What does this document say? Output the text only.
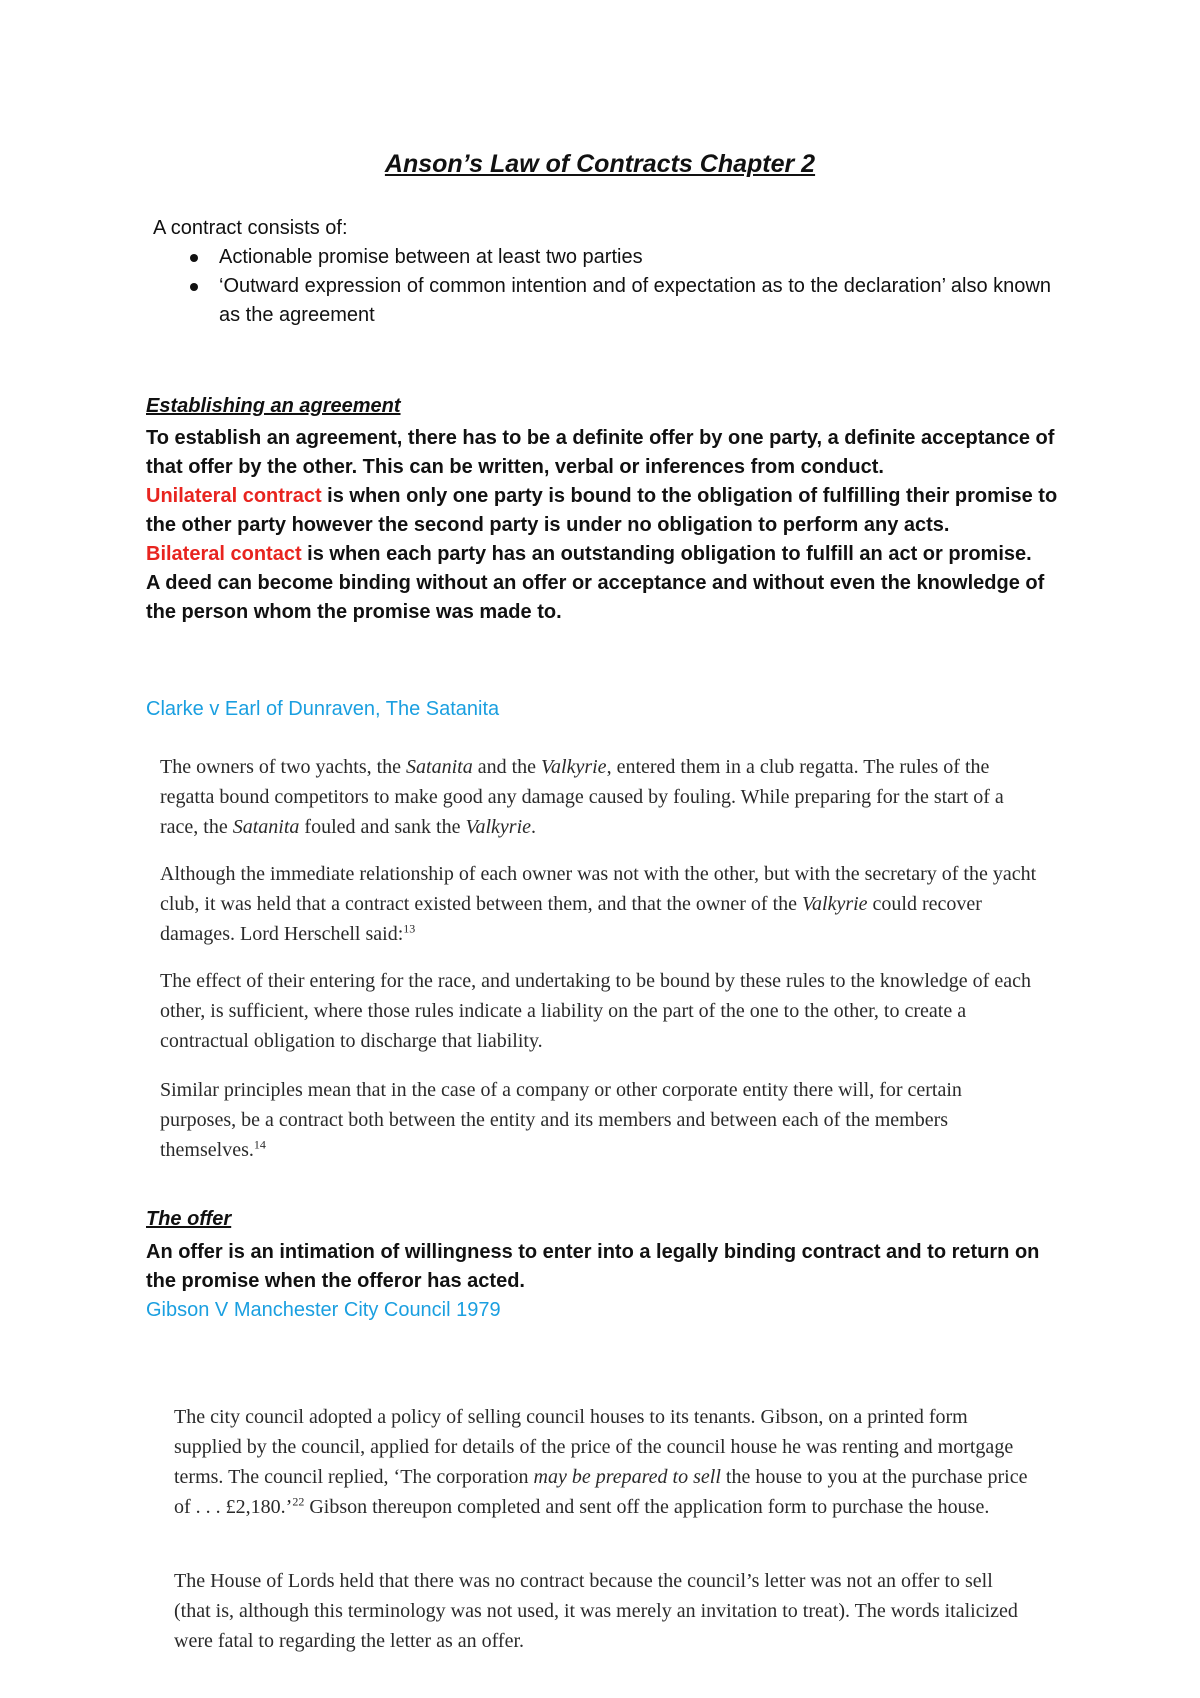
Anson’s Law of Contracts Chapter 2
A contract consists of:
Actionable promise between at least two parties
‘Outward expression of common intention and of expectation as to the declaration’ also known as the agreement
Establishing an agreement
To establish an agreement, there has to be a definite offer by one party, a definite acceptance of that offer by the other. This can be written, verbal or inferences from conduct.
Unilateral contract is when only one party is bound to the obligation of fulfilling their promise to the other party however the second party is under no obligation to perform any acts.
Bilateral contact is when each party has an outstanding obligation to fulfill an act or promise.
A deed can become binding without an offer or acceptance and without even the knowledge of the person whom the promise was made to.
Clarke v Earl of Dunraven, The Satanita
The owners of two yachts, the Satanita and the Valkyrie, entered them in a club regatta. The rules of the regatta bound competitors to make good any damage caused by fouling. While preparing for the start of a race, the Satanita fouled and sank the Valkyrie.
Although the immediate relationship of each owner was not with the other, but with the secretary of the yacht club, it was held that a contract existed between them, and that the owner of the Valkyrie could recover damages. Lord Herschell said:$^{13}$
The effect of their entering for the race, and undertaking to be bound by these rules to the knowledge of each other, is sufficient, where those rules indicate a liability on the part of the one to the other, to create a contractual obligation to discharge that liability.
Similar principles mean that in the case of a company or other corporate entity there will, for certain purposes, be a contract both between the entity and its members and between each of the members themselves.$^{14}$
The offer
An offer is an intimation of willingness to enter into a legally binding contract and to return on the promise when the offeror has acted.
Gibson V Manchester City Council 1979
The city council adopted a policy of selling council houses to its tenants. Gibson, on a printed form supplied by the council, applied for details of the price of the council house he was renting and mortgage terms. The council replied, ‘The corporation may be prepared to sell the house to you at the purchase price of . . . £2,180.’$^{22}$ Gibson thereupon completed and sent off the application form to purchase the house.
The House of Lords held that there was no contract because the council’s letter was not an offer to sell (that is, although this terminology was not used, it was merely an invitation to treat). The words italicized were fatal to regarding the letter as an offer.
